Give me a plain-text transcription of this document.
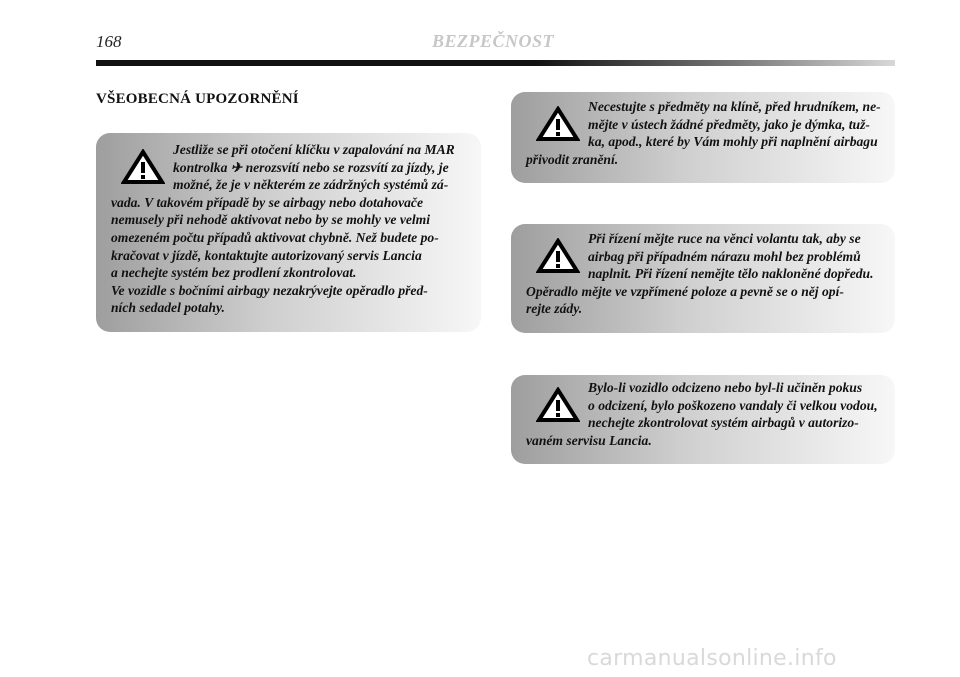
168	BEZPEČNOST
VŠEOBECNÁ UPOZORNĚNÍ

Jestliže se při otočení klíčku v zapalování na MAR
kontrolka ✈ nerozsvítí nebo se rozsvítí za jízdy, je
možné, že je v některém ze zádržných systémů zá-
vada. V takovém případě by se airbagy nebo dotahovače
nemusely při nehodě aktivovat nebo by se mohly ve velmi
omezeném počtu případů aktivovat chybně. Než budete po-
kračovat v jízdě, kontaktujte autorizovaný servis Lancia
a nechejte systém bez prodlení zkontrolovat.
Ve vozidle s bočními airbagy nezakrývejte opěradlo před-
ních sedadel potahy.

Necestujte s předměty na klíně, před hrudníkem, ne-
mějte v ústech žádné předměty, jako je dýmka, tuž-
ka, apod., které by Vám mohly při naplnění airbagu
přivodit zranění.

Při řízení mějte ruce na věnci volantu tak, aby se
airbag při případném nárazu mohl bez problémů
naplnit. Při řízení nemějte tělo nakloněné dopředu.
Opěradlo mějte ve vzpřímené poloze a pevně se o něj opí-
rejte zády.

Bylo-li vozidlo odcizeno nebo byl-li učiněn pokus
o odcizení, bylo poškozeno vandaly či velkou vodou,
nechejte zkontrolovat systém airbagů v autorizo-
vaném servisu Lancia.

carmanualsonline.info
